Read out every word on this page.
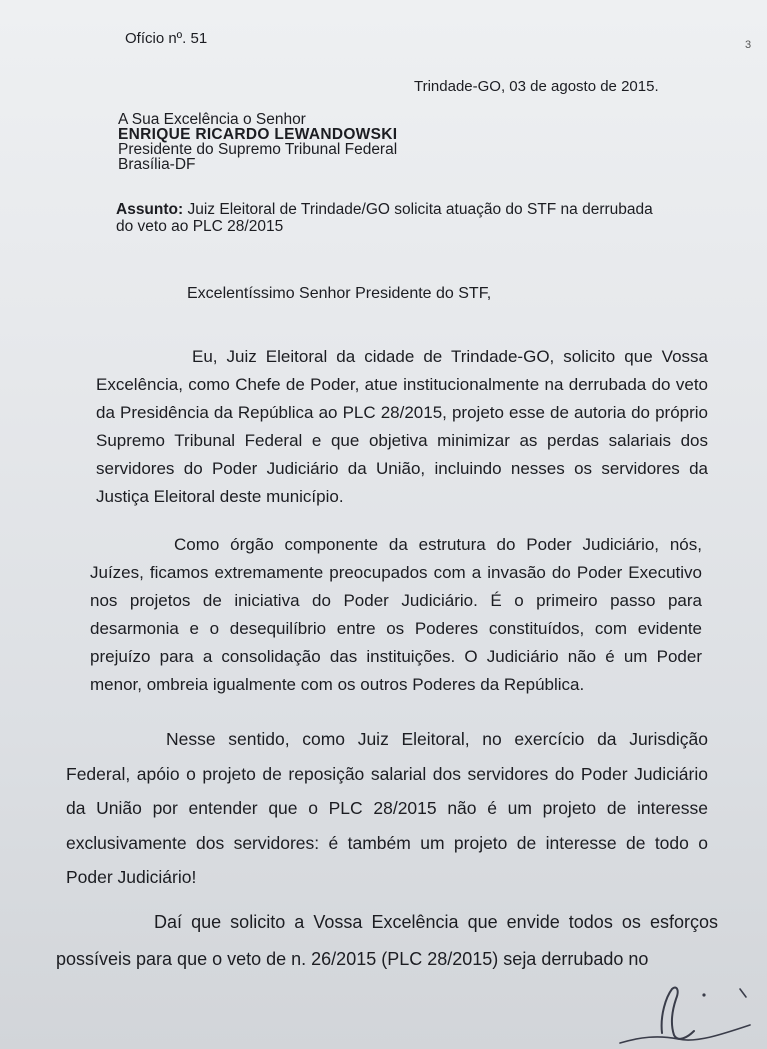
Ofício nº. 51	3
Trindade-GO, 03 de agosto de 2015.
A Sua Excelência o Senhor
ENRIQUE RICARDO LEWANDOWSKI
Presidente do Supremo Tribunal Federal
Brasília-DF
Assunto: Juiz Eleitoral de Trindade/GO solicita atuação do STF na derrubada do veto ao PLC 28/2015
Excelentíssimo Senhor Presidente do STF,
Eu, Juiz Eleitoral da cidade de Trindade-GO, solicito que Vossa Excelência, como Chefe de Poder, atue institucionalmente na derrubada do veto da Presidência da República ao PLC 28/2015, projeto esse de autoria do próprio Supremo Tribunal Federal e que objetiva minimizar as perdas salariais dos servidores do Poder Judiciário da União, incluindo nesses os servidores da Justiça Eleitoral deste município.
Como órgão componente da estrutura do Poder Judiciário, nós, Juízes, ficamos extremamente preocupados com a invasão do Poder Executivo nos projetos de iniciativa do Poder Judiciário. É o primeiro passo para desarmonia e o desequilíbrio entre os Poderes constituídos, com evidente prejuízo para a consolidação das instituições. O Judiciário não é um Poder menor, ombreia igualmente com os outros Poderes da República.
Nesse sentido, como Juiz Eleitoral, no exercício da Jurisdição Federal, apóio o projeto de reposição salarial dos servidores do Poder Judiciário da União por entender que o PLC 28/2015 não é um projeto de interesse exclusivamente dos servidores: é também um projeto de interesse de todo o Poder Judiciário!
Daí que solicito a Vossa Excelência que envide todos os esforços possíveis para que o veto de n. 26/2015 (PLC 28/2015) seja derrubado no
